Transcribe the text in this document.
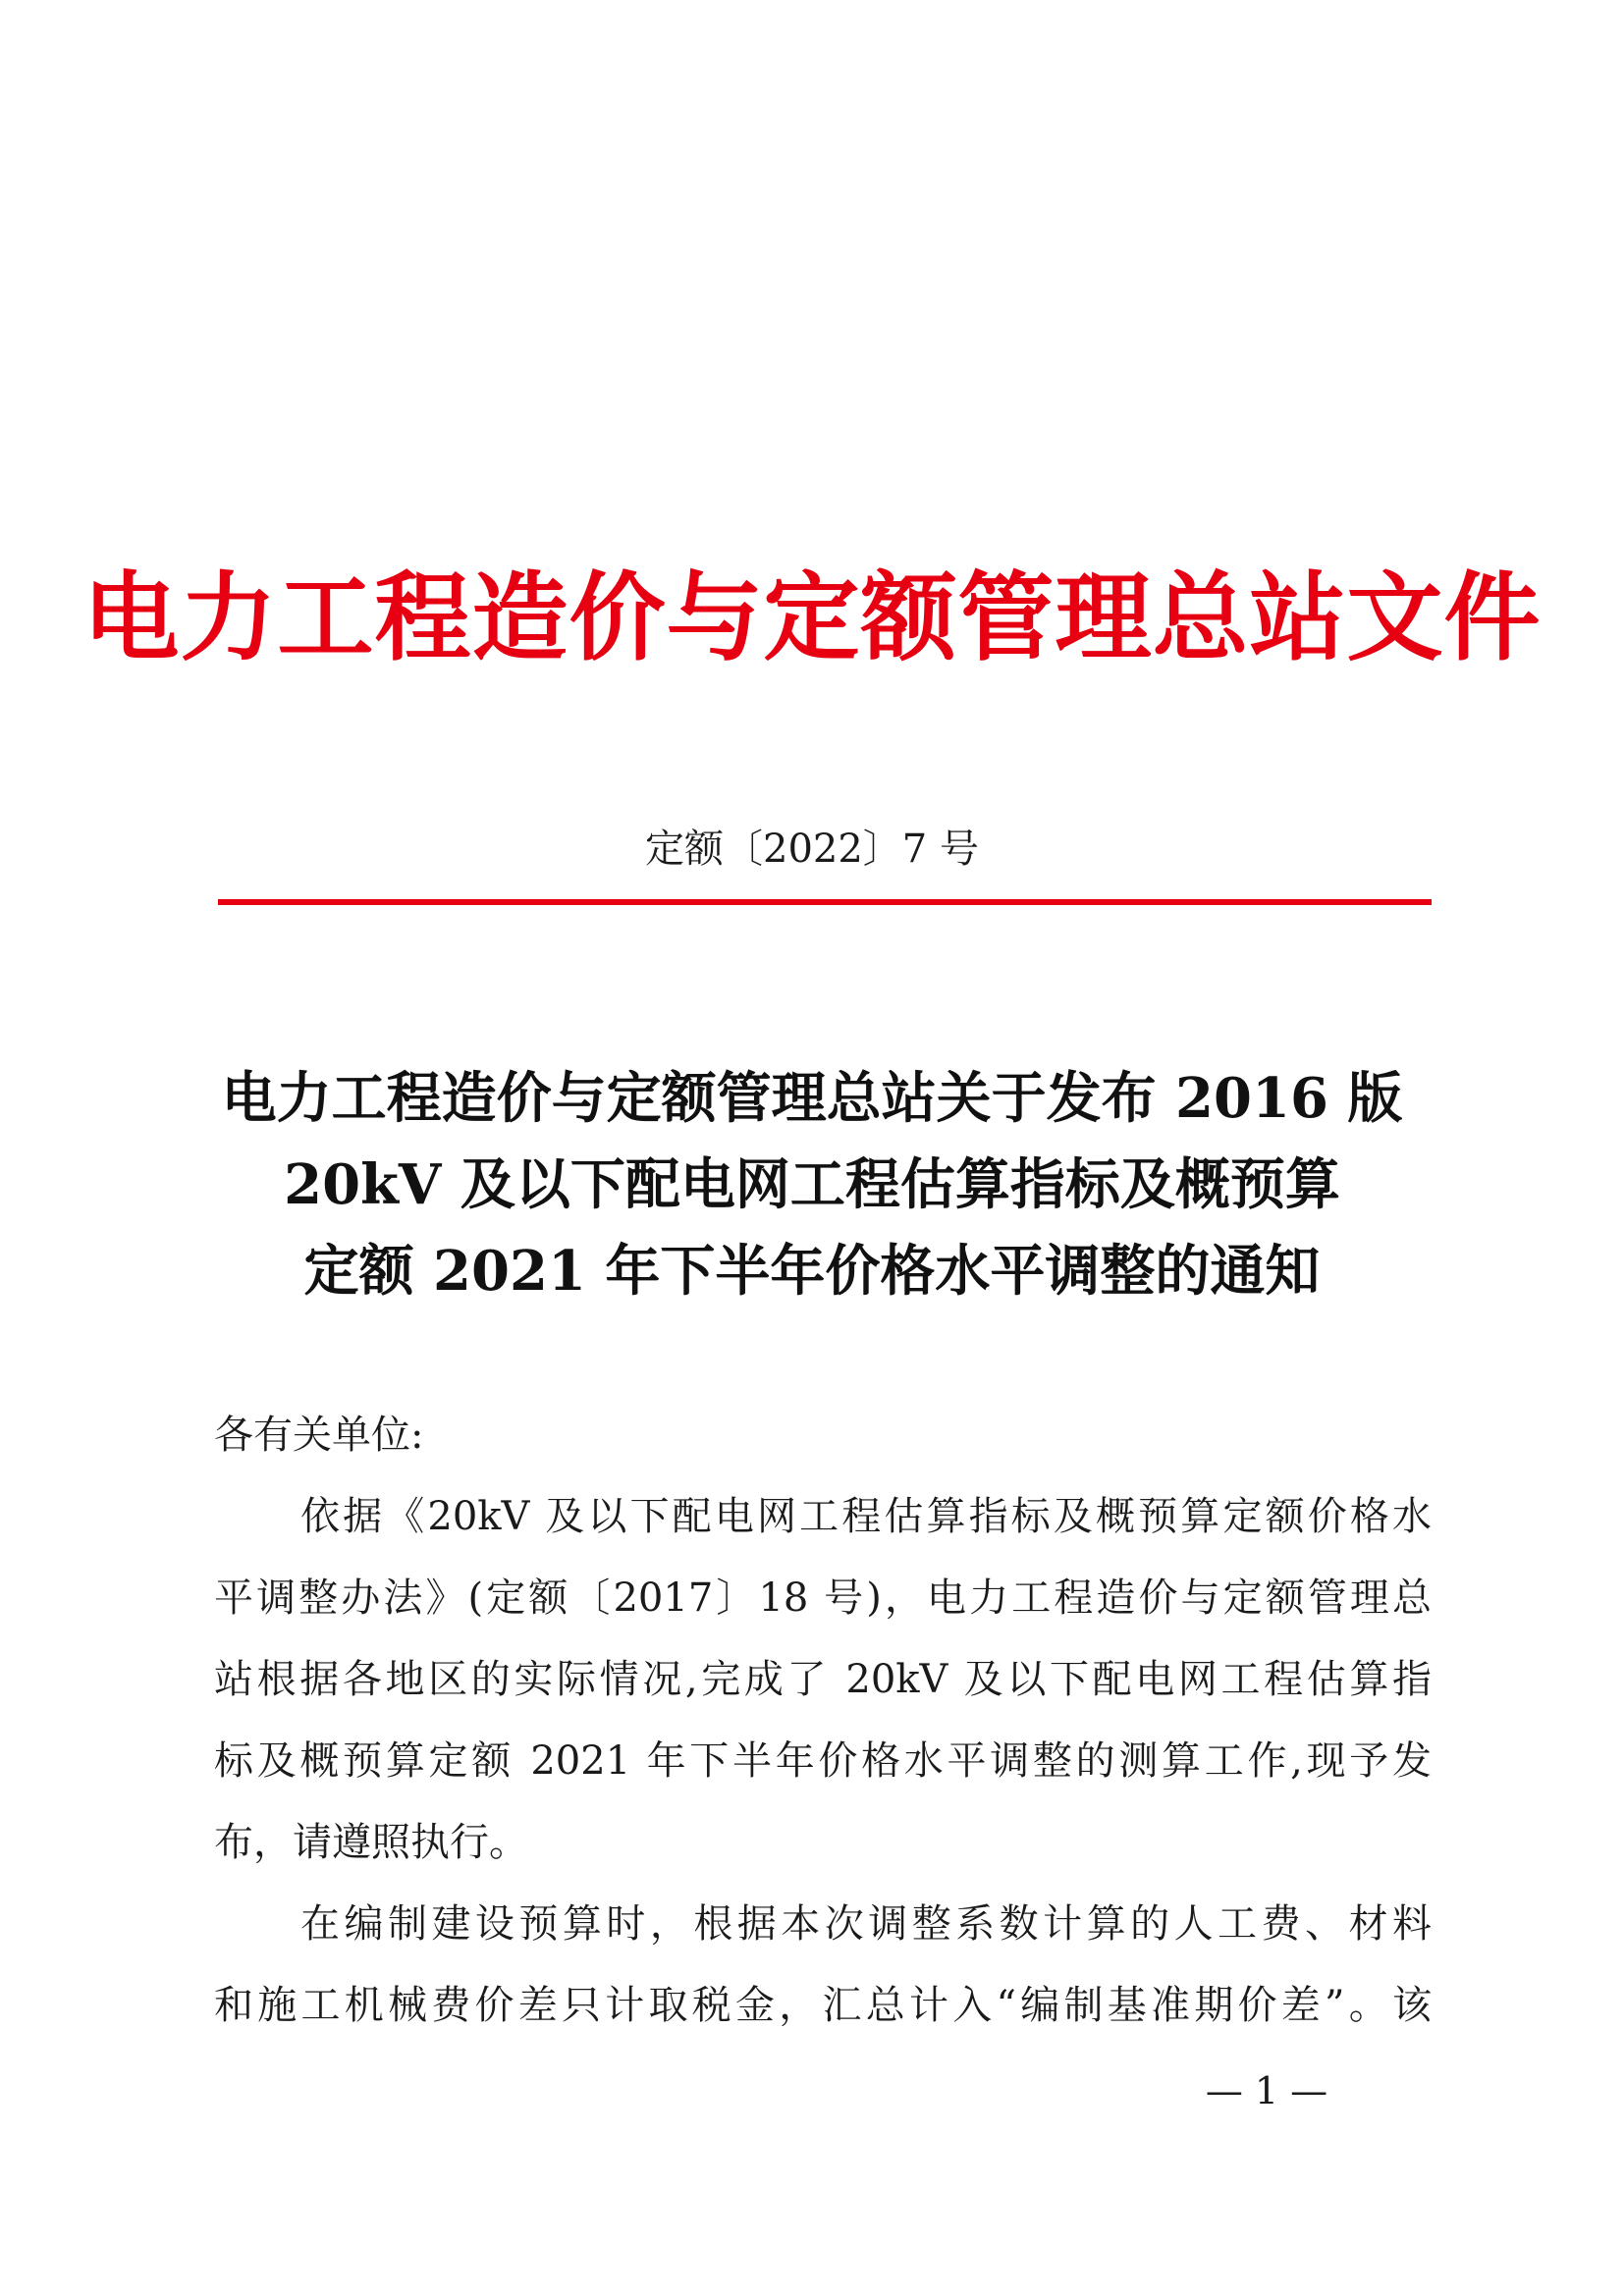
电力工程造价与定额管理总站文件
定额〔2022〕7 号
电力工程造价与定额管理总站关于发布 2016 版
20kV 及以下配电网工程估算指标及概预算
定额 2021 年下半年价格水平调整的通知
各有关单位:
依据《20kV 及以下配电网工程估算指标及概预算定额价格水
平调整办法》(定额〔2017〕18 号)，电力工程造价与定额管理总
站根据各地区的实际情况,完成了 20kV 及以下配电网工程估算指
标及概预算定额 2021 年下半年价格水平调整的测算工作,现予发
布，请遵照执行。
在编制建设预算时，根据本次调整系数计算的人工费、材料
和施工机械费价差只计取税金，汇总计入“编制基准期价差”。该
— 1 —
